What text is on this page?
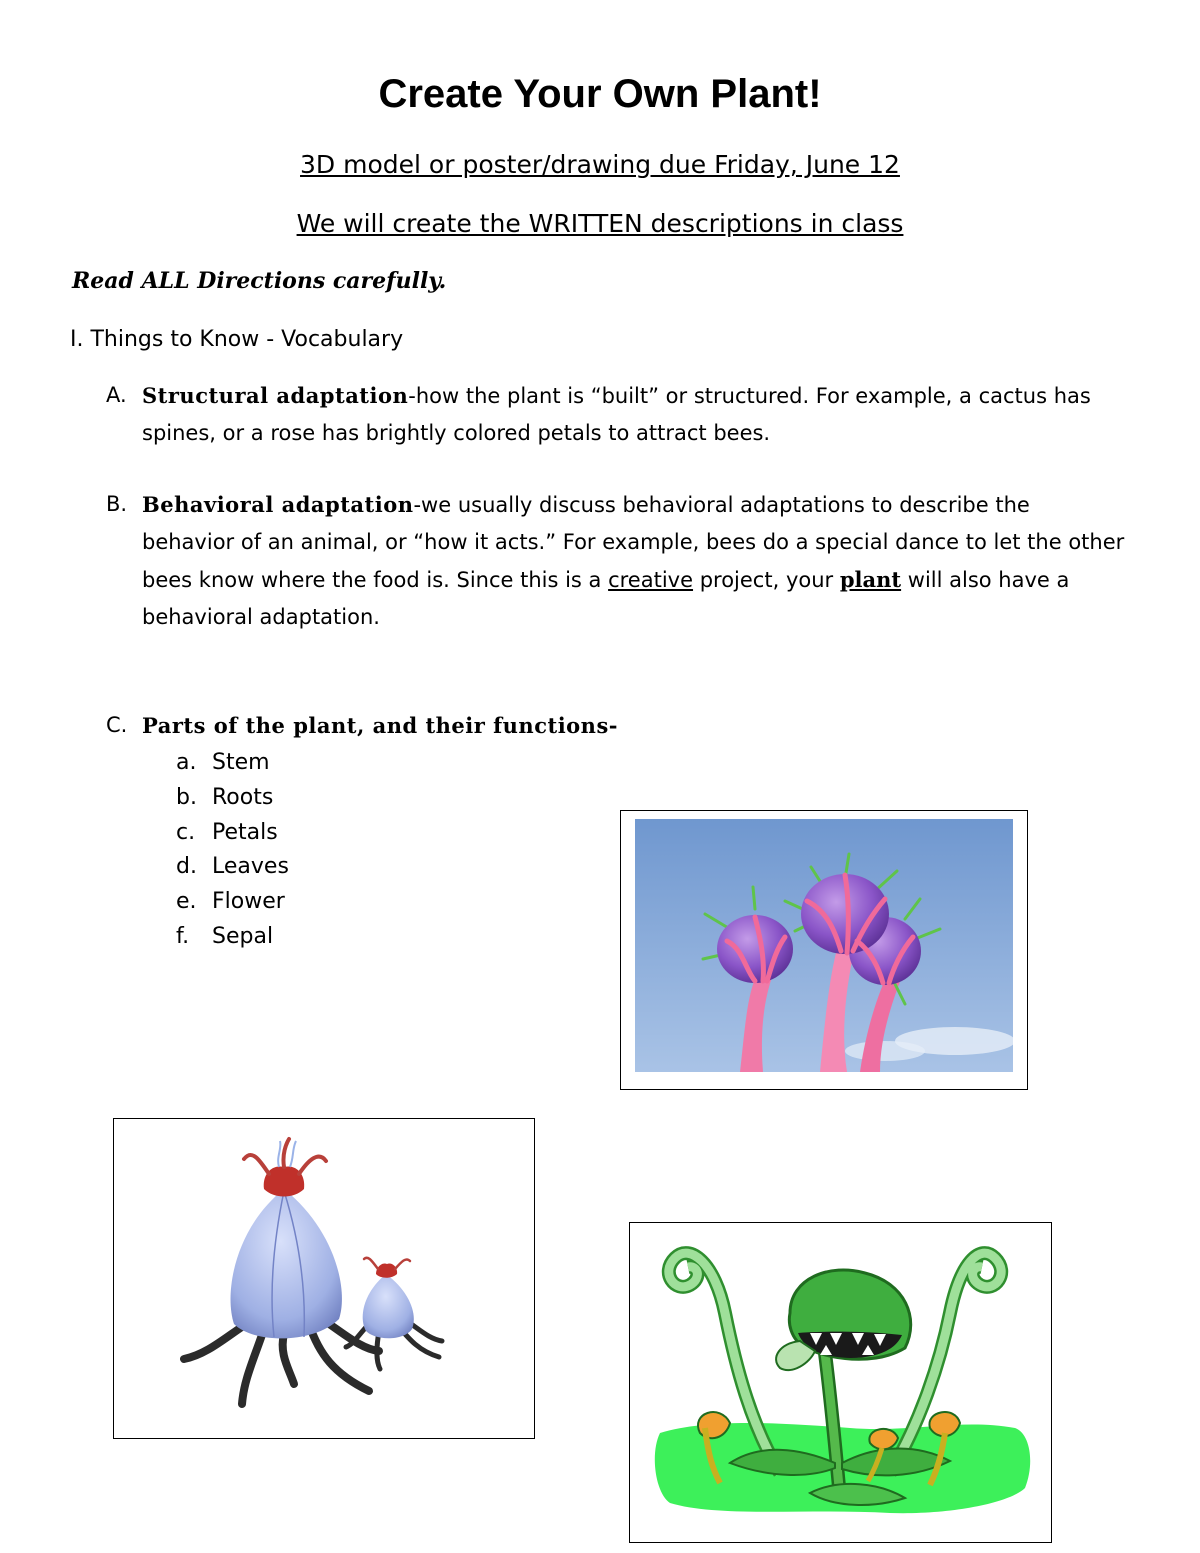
Create Your Own Plant!
3D model or poster/drawing due Friday, June 12
We will create the WRITTEN descriptions in class
Read ALL Directions carefully.
I. Things to Know - Vocabulary
A. Structural adaptation-how the plant is “built” or structured. For example, a cactus has spines, or a rose has brightly colored petals to attract bees.
B. Behavioral adaptation-we usually discuss behavioral adaptations to describe the behavior of an animal, or “how it acts.” For example, bees do a special dance to let the other bees know where the food is. Since this is a creative project, your plant will also have a behavioral adaptation.
C. Parts of the plant, and their functions-
a. Stem
b. Roots
c. Petals
d. Leaves
e. Flower
f. Sepal
